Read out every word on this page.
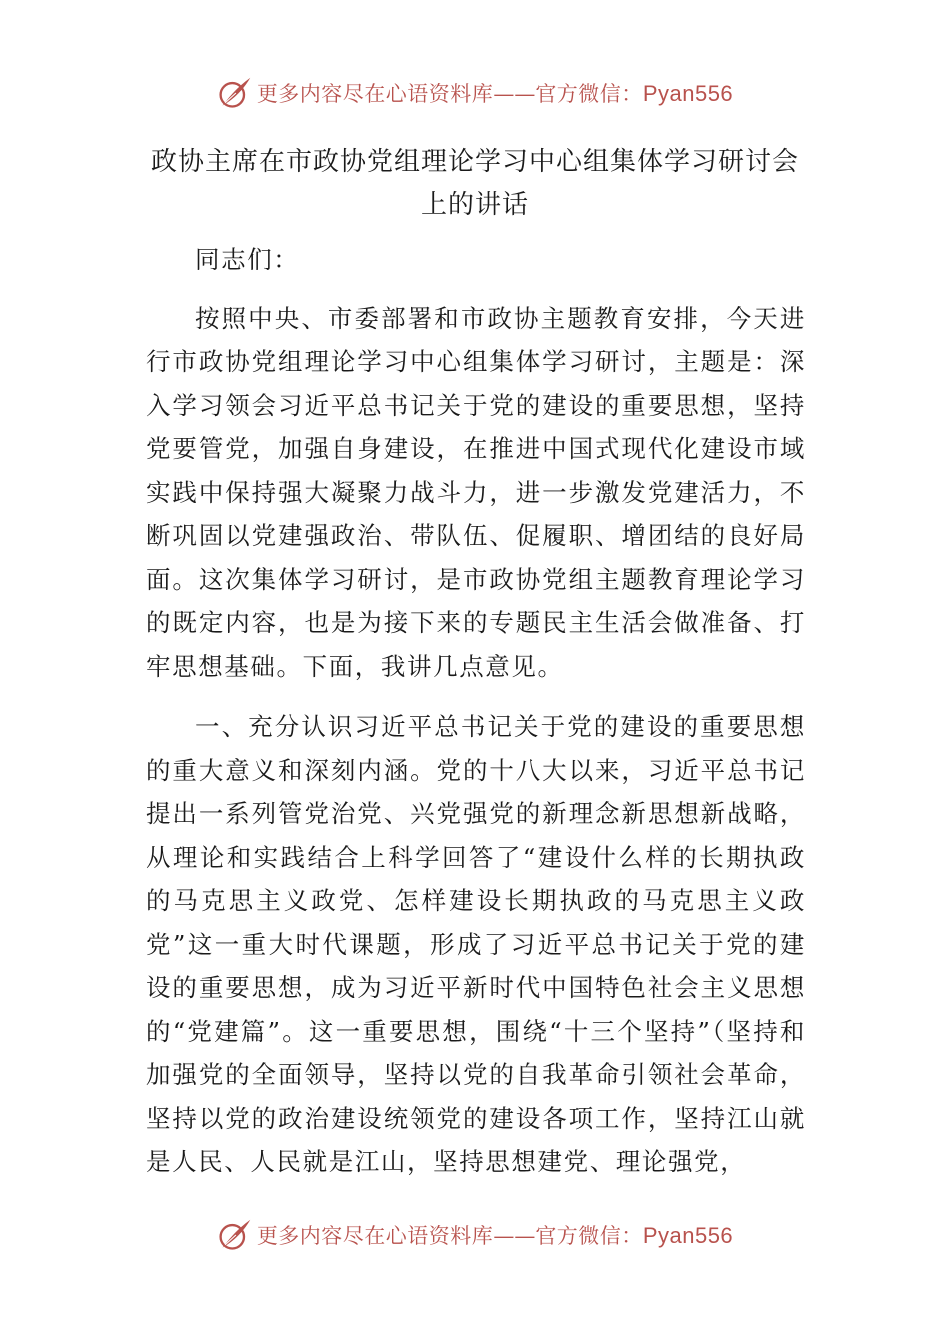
更多内容尽在心语资料库——官方微信：Pyan556
政协主席在市政协党组理论学习中心组集体学习研讨会上的讲话

同志们：

按照中央、市委部署和市政协主题教育安排，今天进行市政协党组理论学习中心组集体学习研讨，主题是：深入学习领会习近平总书记关于党的建设的重要思想，坚持党要管党，加强自身建设，在推进中国式现代化建设市域实践中保持强大凝聚力战斗力，进一步激发党建活力，不断巩固以党建强政治、带队伍、促履职、增团结的良好局面。这次集体学习研讨，是市政协党组主题教育理论学习的既定内容，也是为接下来的专题民主生活会做准备、打牢思想基础。下面，我讲几点意见。

一、充分认识习近平总书记关于党的建设的重要思想的重大意义和深刻内涵。党的十八大以来，习近平总书记提出一系列管党治党、兴党强党的新理念新思想新战略，从理论和实践结合上科学回答了“建设什么样的长期执政的马克思主义政党、怎样建设长期执政的马克思主义政党”这一重大时代课题，形成了习近平总书记关于党的建设的重要思想，成为习近平新时代中国特色社会主义思想的“党建篇”。这一重要思想，围绕“十三个坚持”（坚持和加强党的全面领导，坚持以党的自我革命引领社会革命，坚持以党的政治建设统领党的建设各项工作，坚持江山就是人民、人民就是江山，坚持思想建党、理论强党，

更多内容尽在心语资料库——官方微信：Pyan556
